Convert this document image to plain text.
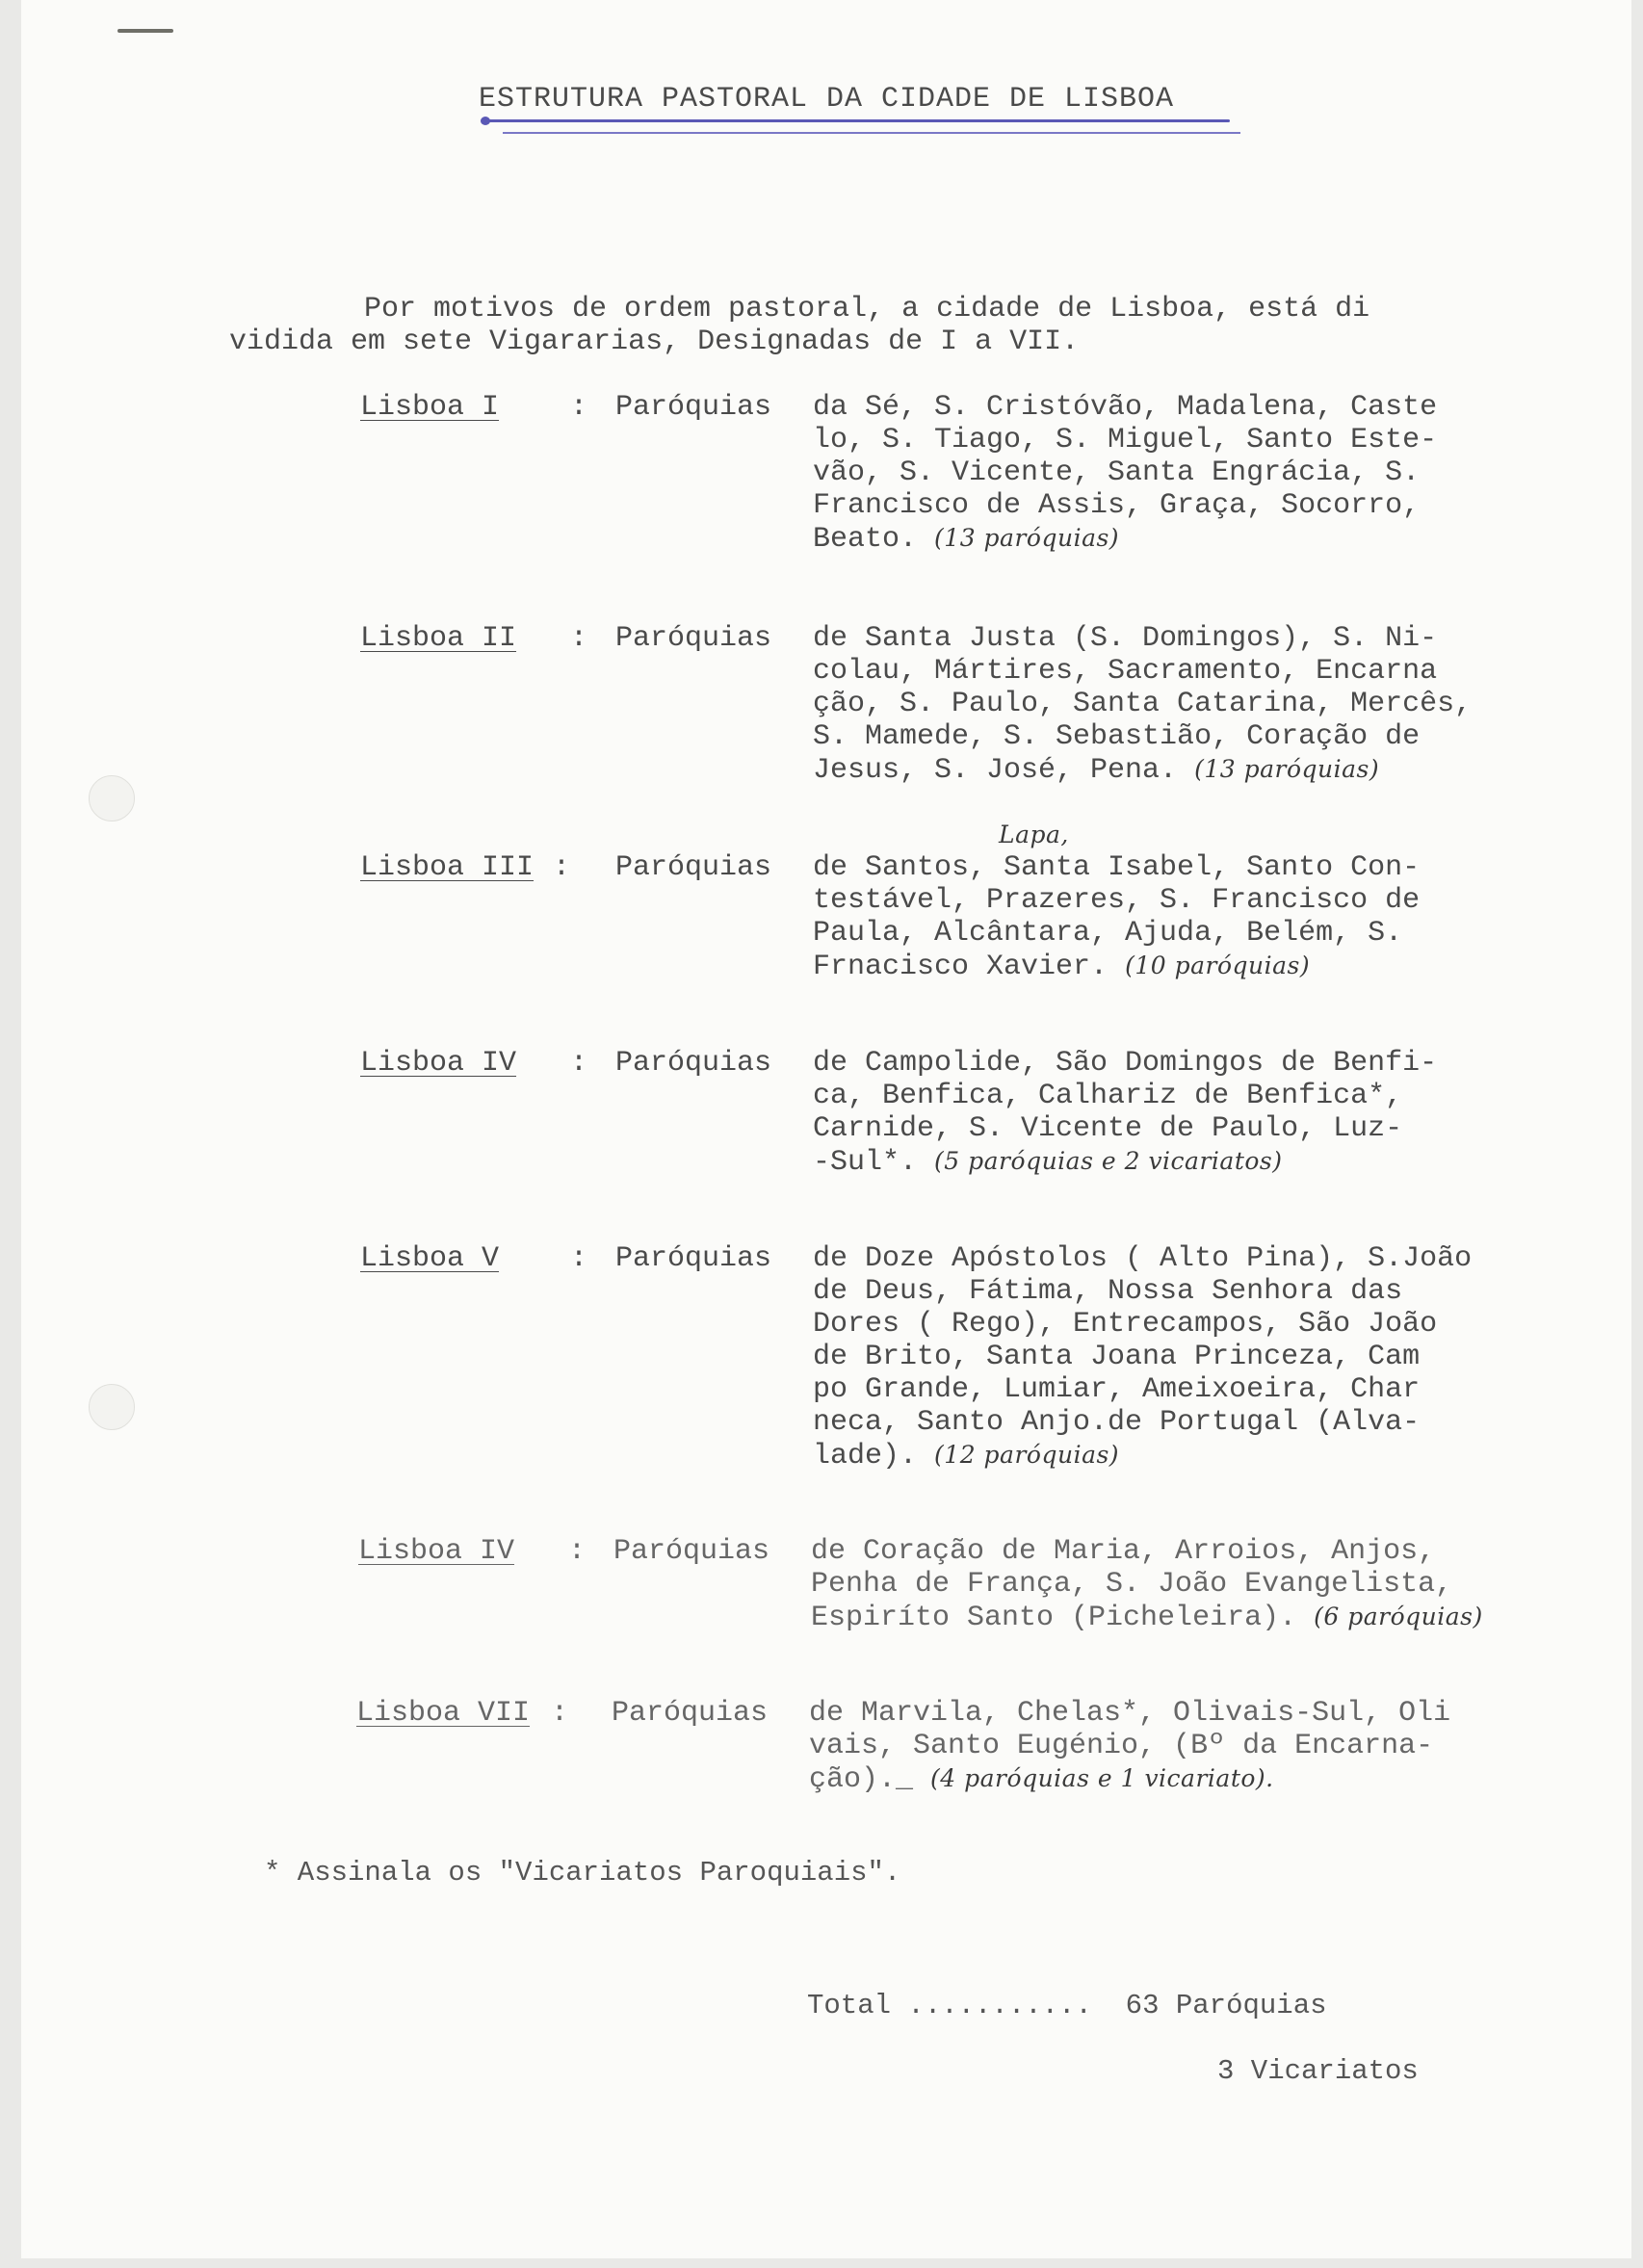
ESTRUTURA PASTORAL DA CIDADE DE LISBOA

Por motivos de ordem pastoral, a cidade de Lisboa, está di
vidida em sete Vigararias, Designadas de I a VII.

Lisboa I	: Paróquias da Sé, S. Cristóvão, Madalena, Caste
lo, S. Tiago, S. Miguel, Santo Este-
vão, S. Vicente, Santa Engrácia, S.
Francisco de Assis, Graça, Socorro,
Beato. (13 paróquias)
Lisboa II	: Paróquias de Santa Justa (S. Domingos), S. Ni-
colau, Mártires, Sacramento, Encarna
ção, S. Paulo, Santa Catarina, Mercês,
S. Mamede, S. Sebastião, Coração de
Jesus, S. José, Pena. (13 paróquias)
Lapa,
Lisboa III : Paróquias de Santos, Santa Isabel, Santo Con-
testável, Prazeres, S. Francisco de
Paula, Alcântara, Ajuda, Belém, S.
Frnacisco Xavier. (10 paróquias)
Lisboa IV	: Paróquias de Campolide, São Domingos de Benfi-
ca, Benfica, Calhariz de Benfica*,
Carnide, S. Vicente de Paulo, Luz-
-Sul*. (5 paróquias e 2 vicariatos)
Lisboa V	: Paróquias de Doze Apóstolos ( Alto Pina), S.João
de Deus, Fátima, Nossa Senhora das
Dores ( Rego), Entrecampos, São João
de Brito, Santa Joana Princeza, Cam
po Grande, Lumiar, Ameixoeira, Char
neca, Santo Anjo.de Portugal (Alva-
lade). (12 paróquias)
Lisboa IV	: Paróquias de Coração de Maria, Arroios, Anjos,
Penha de França, S. João Evangelista,
Espiríto Santo (Picheleira). (6 paróquias)
Lisboa VII : Paróquias de Marvila, Chelas*, Olivais-Sul, Oli
vais, Santo Eugénio, (Bº da Encarna-
ção)._ (4 paróquias e 1 vicariato).
* Assinala os "Vicariatos Paroquiais".
Total ........... 63 Paróquias
3 Vicariatos
